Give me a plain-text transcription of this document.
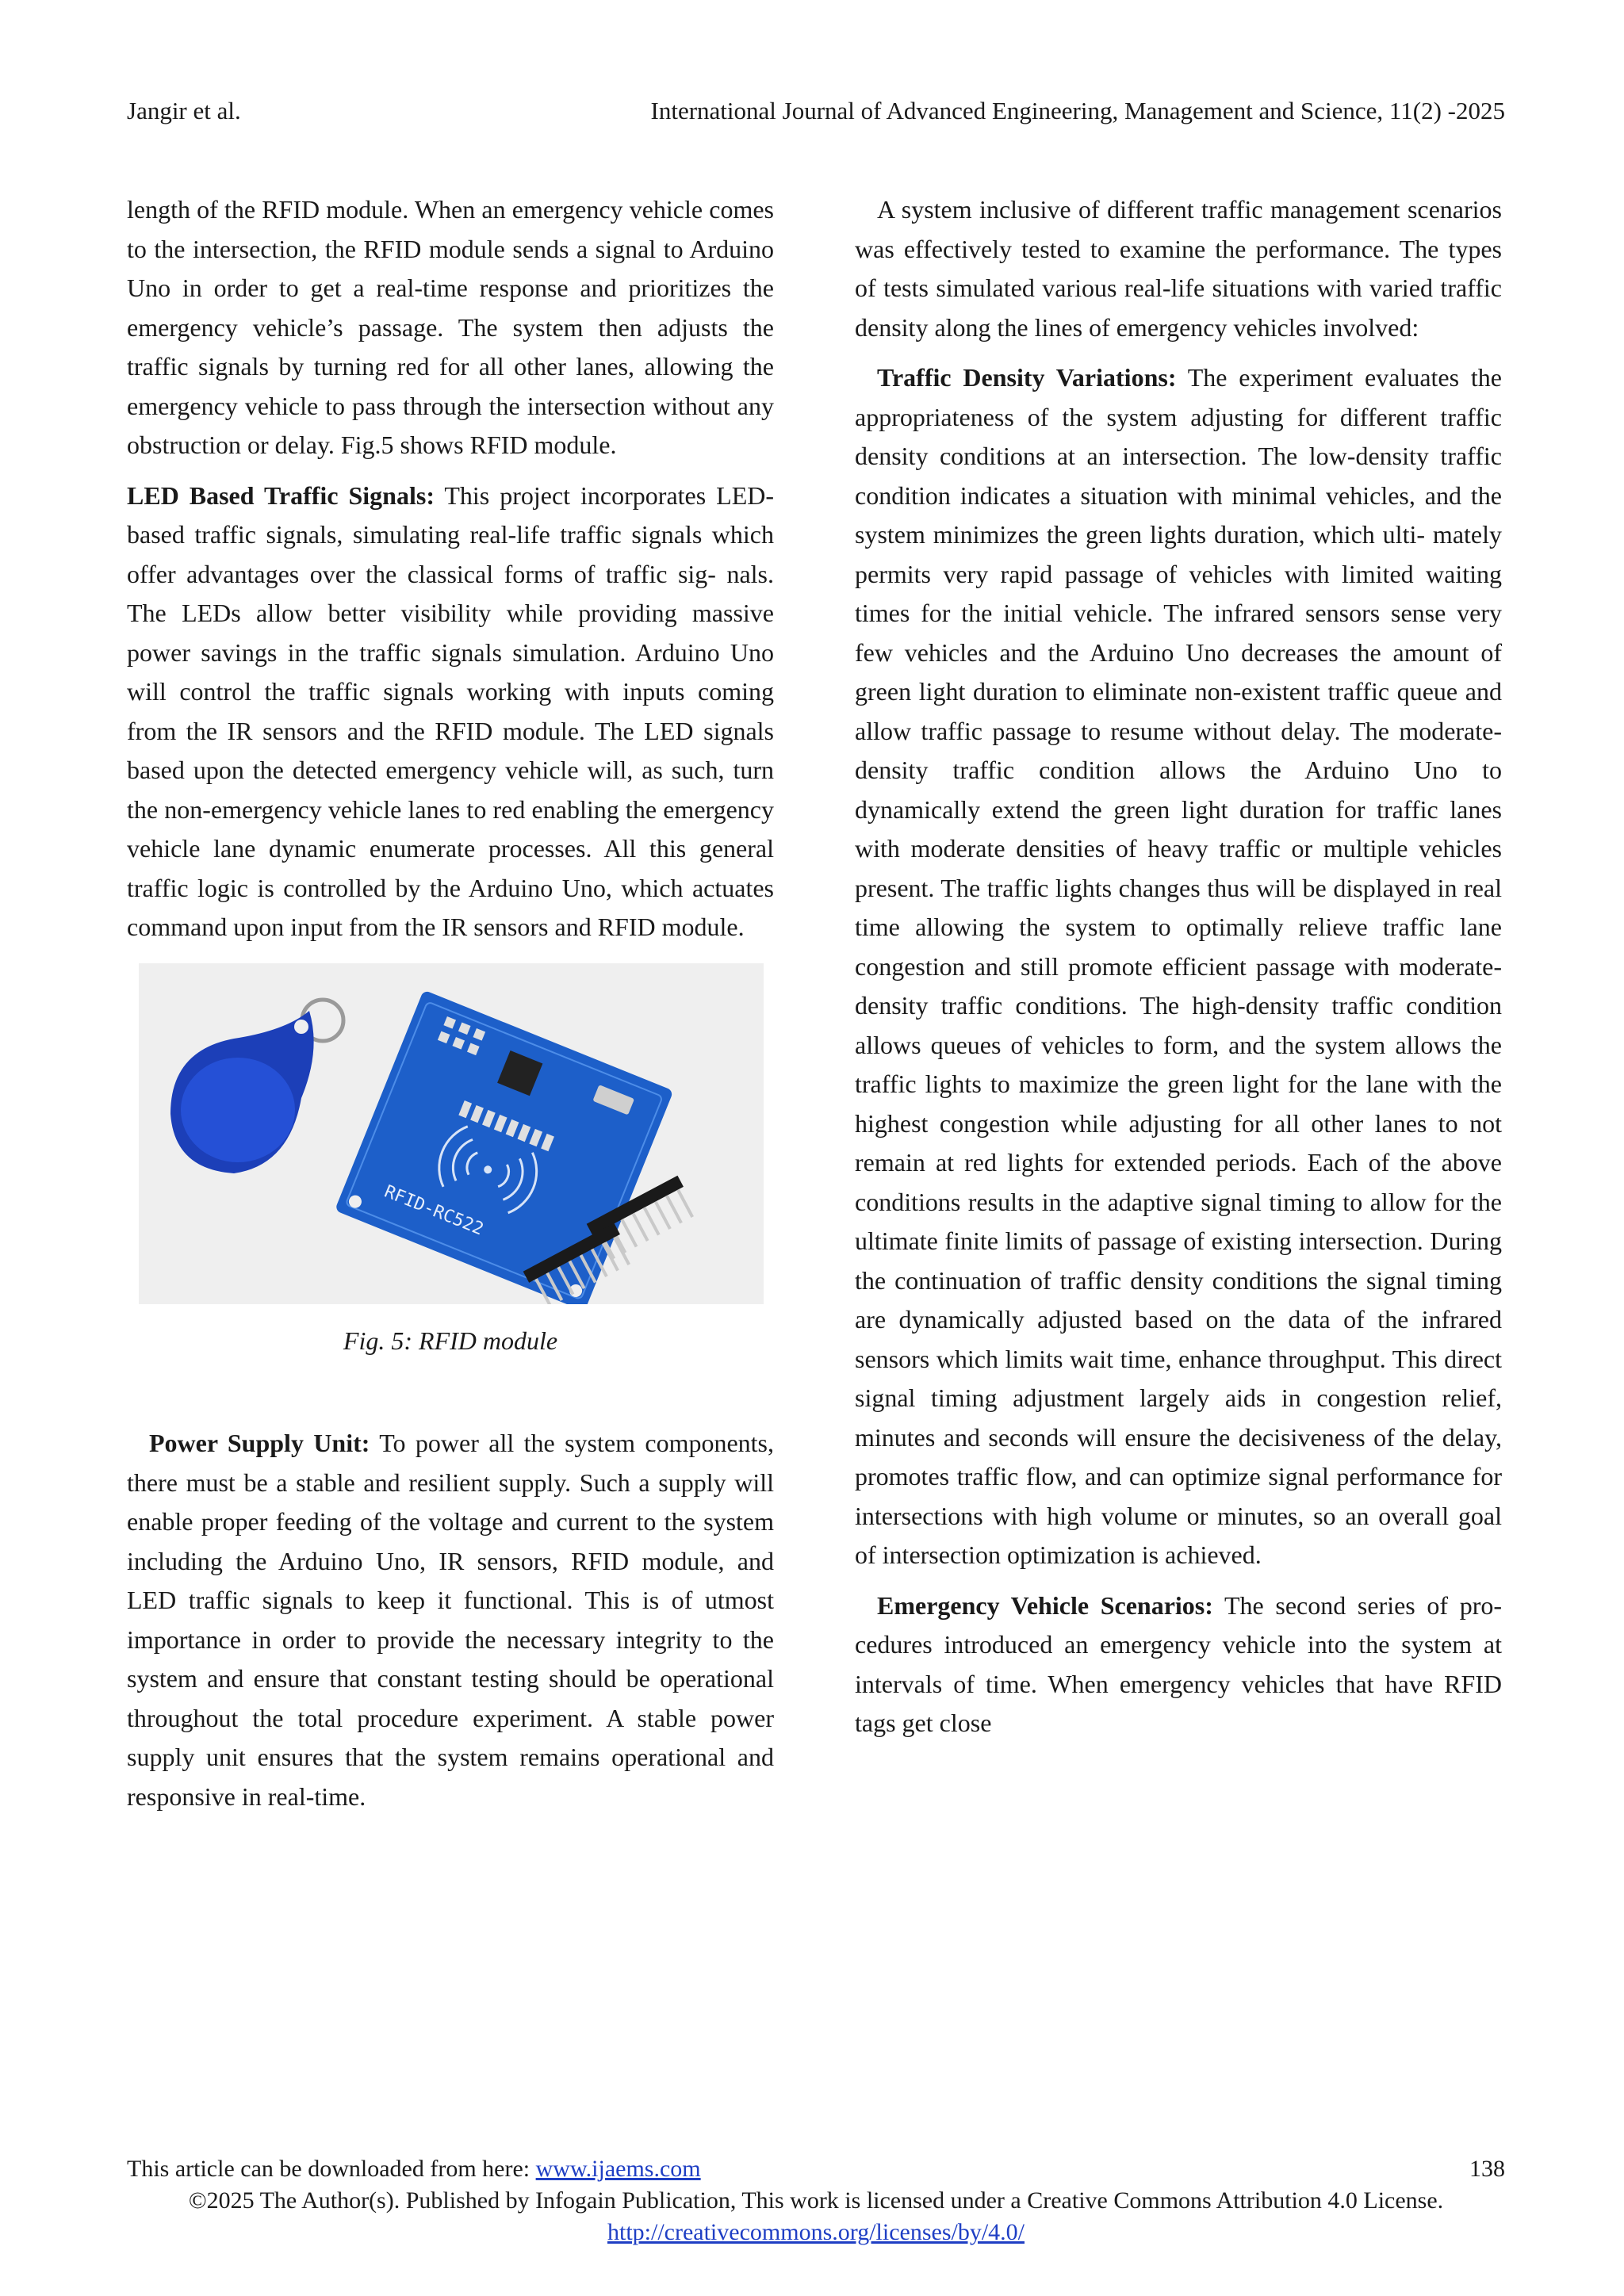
Jangir et al.	International Journal of Advanced Engineering, Management and Science, 11(2) -2025

length of the RFID module. When an emergency vehicle comes to the intersection, the RFID module sends a signal to Arduino Uno in order to get a real-time response and prioritizes the emergency vehicle’s passage. The system then adjusts the traffic signals by turning red for all other lanes, allowing the emergency vehicle to pass through the intersection without any obstruction or delay. Fig.5 shows RFID module.

LED Based Traffic Signals: This project incorporates LED-based traffic signals, simulating real-life traffic signals which offer advantages over the classical forms of traffic sig- nals. The LEDs allow better visibility while providing massive power savings in the traffic signals simulation. Arduino Uno will control the traffic signals working with inputs coming from the IR sensors and the RFID module. The LED signals based upon the detected emergency vehicle will, as such, turn the non-emergency vehicle lanes to red enabling the emergency vehicle lane dynamic enumerate processes. All this general traffic logic is controlled by the Arduino Uno, which actuates command upon input from the IR sensors and RFID module.

RFID-RC522
Fig. 5: RFID module

Power Supply Unit: To power all the system components, there must be a stable and resilient supply. Such a supply will enable proper feeding of the voltage and current to the system including the Arduino Uno, IR sensors, RFID module, and LED traffic signals to keep it functional. This is of utmost importance in order to provide the necessary integrity to the system and ensure that constant testing should be operational throughout the total procedure experiment. A stable power supply unit ensures that the system remains operational and responsive in real-time.

A system inclusive of different traffic management scenarios was effectively tested to examine the performance. The types of tests simulated various real-life situations with varied traffic density along the lines of emergency vehicles involved:

Traffic Density Variations: The experiment evaluates the appropriateness of the system adjusting for different traffic density conditions at an intersection. The low-density traffic condition indicates a situation with minimal vehicles, and the system minimizes the green lights duration, which ulti- mately permits very rapid passage of vehicles with limited waiting times for the initial vehicle. The infrared sensors sense very few vehicles and the Arduino Uno decreases the amount of green light duration to eliminate non-existent traffic queue and allow traffic passage to resume without delay. The moderate-density traffic condition allows the Arduino Uno to dynamically extend the green light duration for traffic lanes with moderate densities of heavy traffic or multiple vehicles present. The traffic lights changes thus will be displayed in real time allowing the system to optimally relieve traffic lane congestion and still promote efficient passage with moderate- density traffic conditions. The high-density traffic condition allows queues of vehicles to form, and the system allows the traffic lights to maximize the green light for the lane with the highest congestion while adjusting for all other lanes to not remain at red lights for extended periods. Each of the above conditions results in the adaptive signal timing to allow for the ultimate finite limits of passage of existing intersection. During the continuation of traffic density conditions the signal timing are dynamically adjusted based on the data of the infrared sensors which limits wait time, enhance throughput. This direct signal timing adjustment largely aids in congestion relief, minutes and seconds will ensure the decisiveness of the delay, promotes traffic flow, and can optimize signal performance for intersections with high volume or minutes, so an overall goal of intersection optimization is achieved.

Emergency Vehicle Scenarios: The second series of pro- cedures introduced an emergency vehicle into the system at intervals of time. When emergency vehicles that have RFID tags get close

This article can be downloaded from here: www.ijaems.com	138
©2025 The Author(s). Published by Infogain Publication, This work is licensed under a Creative Commons Attribution 4.0 License. http://creativecommons.org/licenses/by/4.0/
